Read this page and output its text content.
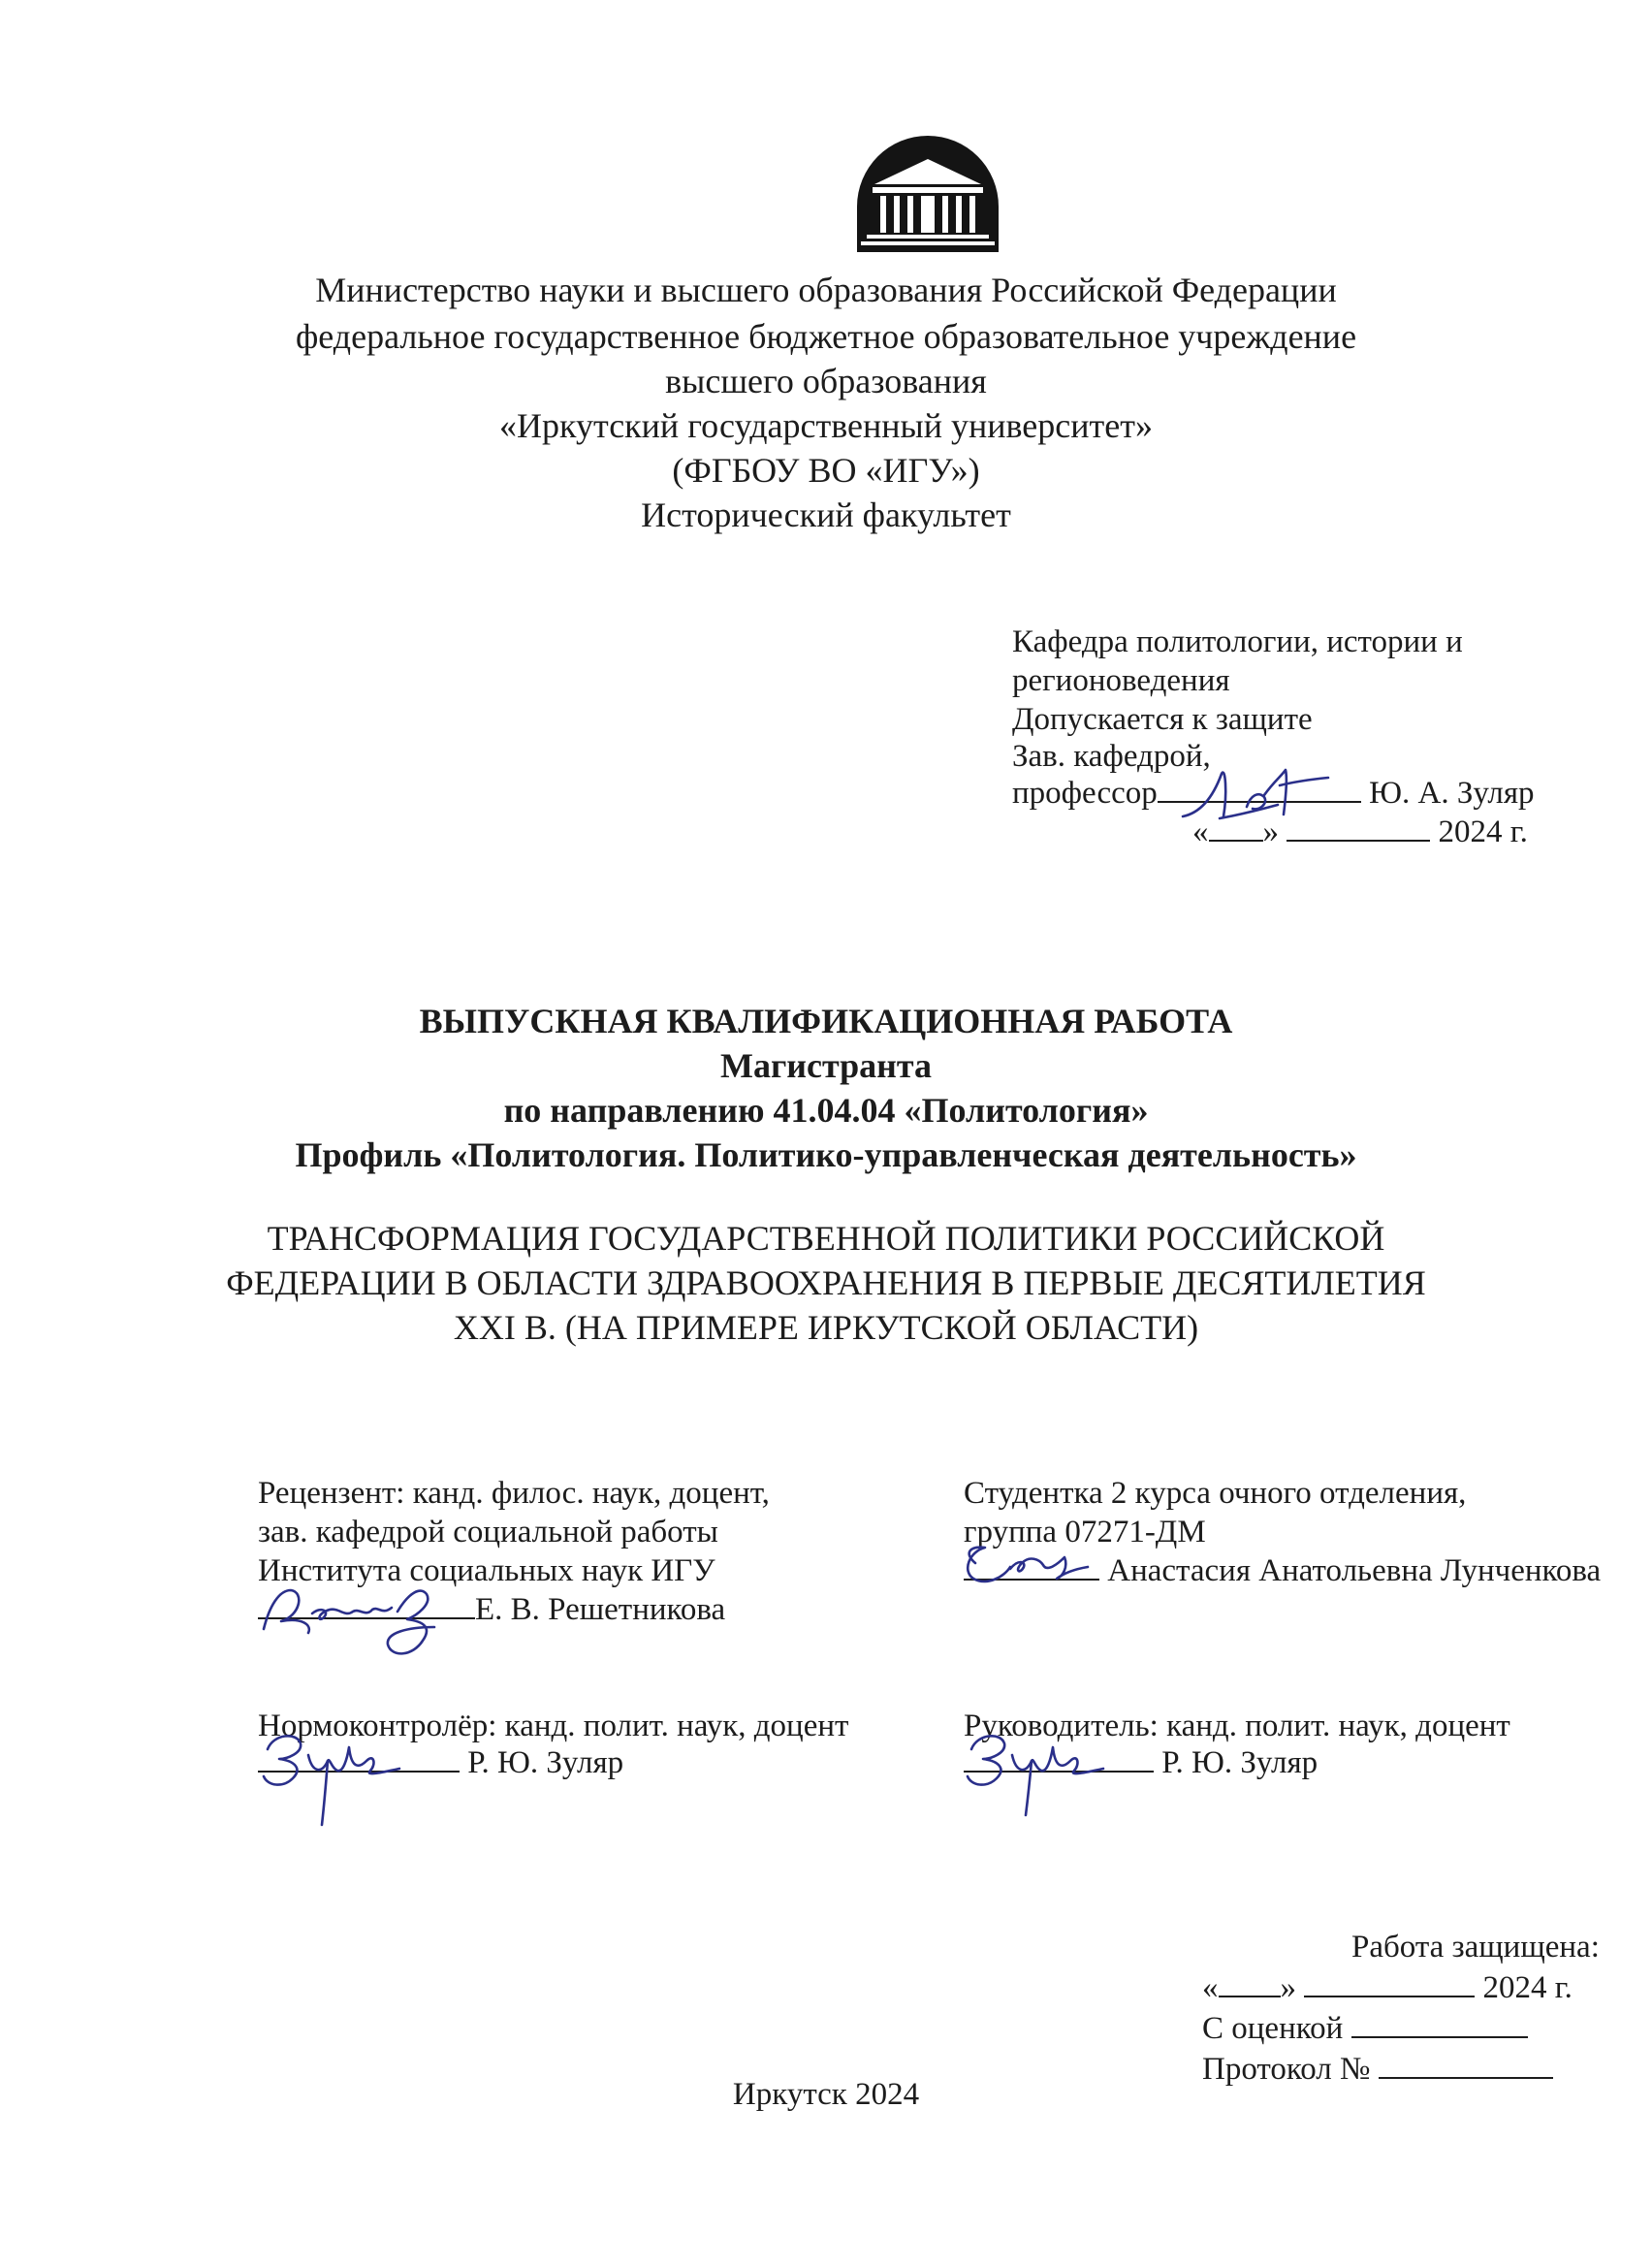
Министерство науки и высшего образования Российской Федерации
федеральное государственное бюджетное образовательное учреждение
высшего образования
«Иркутский государственный университет»
(ФГБОУ ВО «ИГУ»)
Исторический факультет
Кафедра политологии, истории и
регионоведения
Допускается к защите
Зав. кафедрой,
профессор	Ю. А. Зуляр
« »	2024 г.
ВЫПУСКНАЯ КВАЛИФИКАЦИОННАЯ РАБОТА
Магистранта
по направлению 41.04.04 «Политология»
Профиль «Политология. Политико-управленческая деятельность»
ТРАНСФОРМАЦИЯ ГОСУДАРСТВЕННОЙ ПОЛИТИКИ РОССИЙСКОЙ
ФЕДЕРАЦИИ В ОБЛАСТИ ЗДРАВООХРАНЕНИЯ В ПЕРВЫЕ ДЕСЯТИЛЕТИЯ
XXI В. (НА ПРИМЕРЕ ИРКУТСКОЙ ОБЛАСТИ)
Рецензент: канд. филос. наук, доцент,
зав. кафедрой социальной работы
Института социальных наук ИГУ
Е. В. Решетникова
Студентка 2 курса очного отделения,
группа 07271-ДМ
Анастасия Анатольевна Лунченкова
Нормоконтролёр: канд. полит. наук, доцент
Р. Ю. Зуляр
Руководитель: канд. полит. наук, доцент
Р. Ю. Зуляр
Работа защищена:
« »	2024 г.
С оценкой
Протокол №
Иркутск 2024
